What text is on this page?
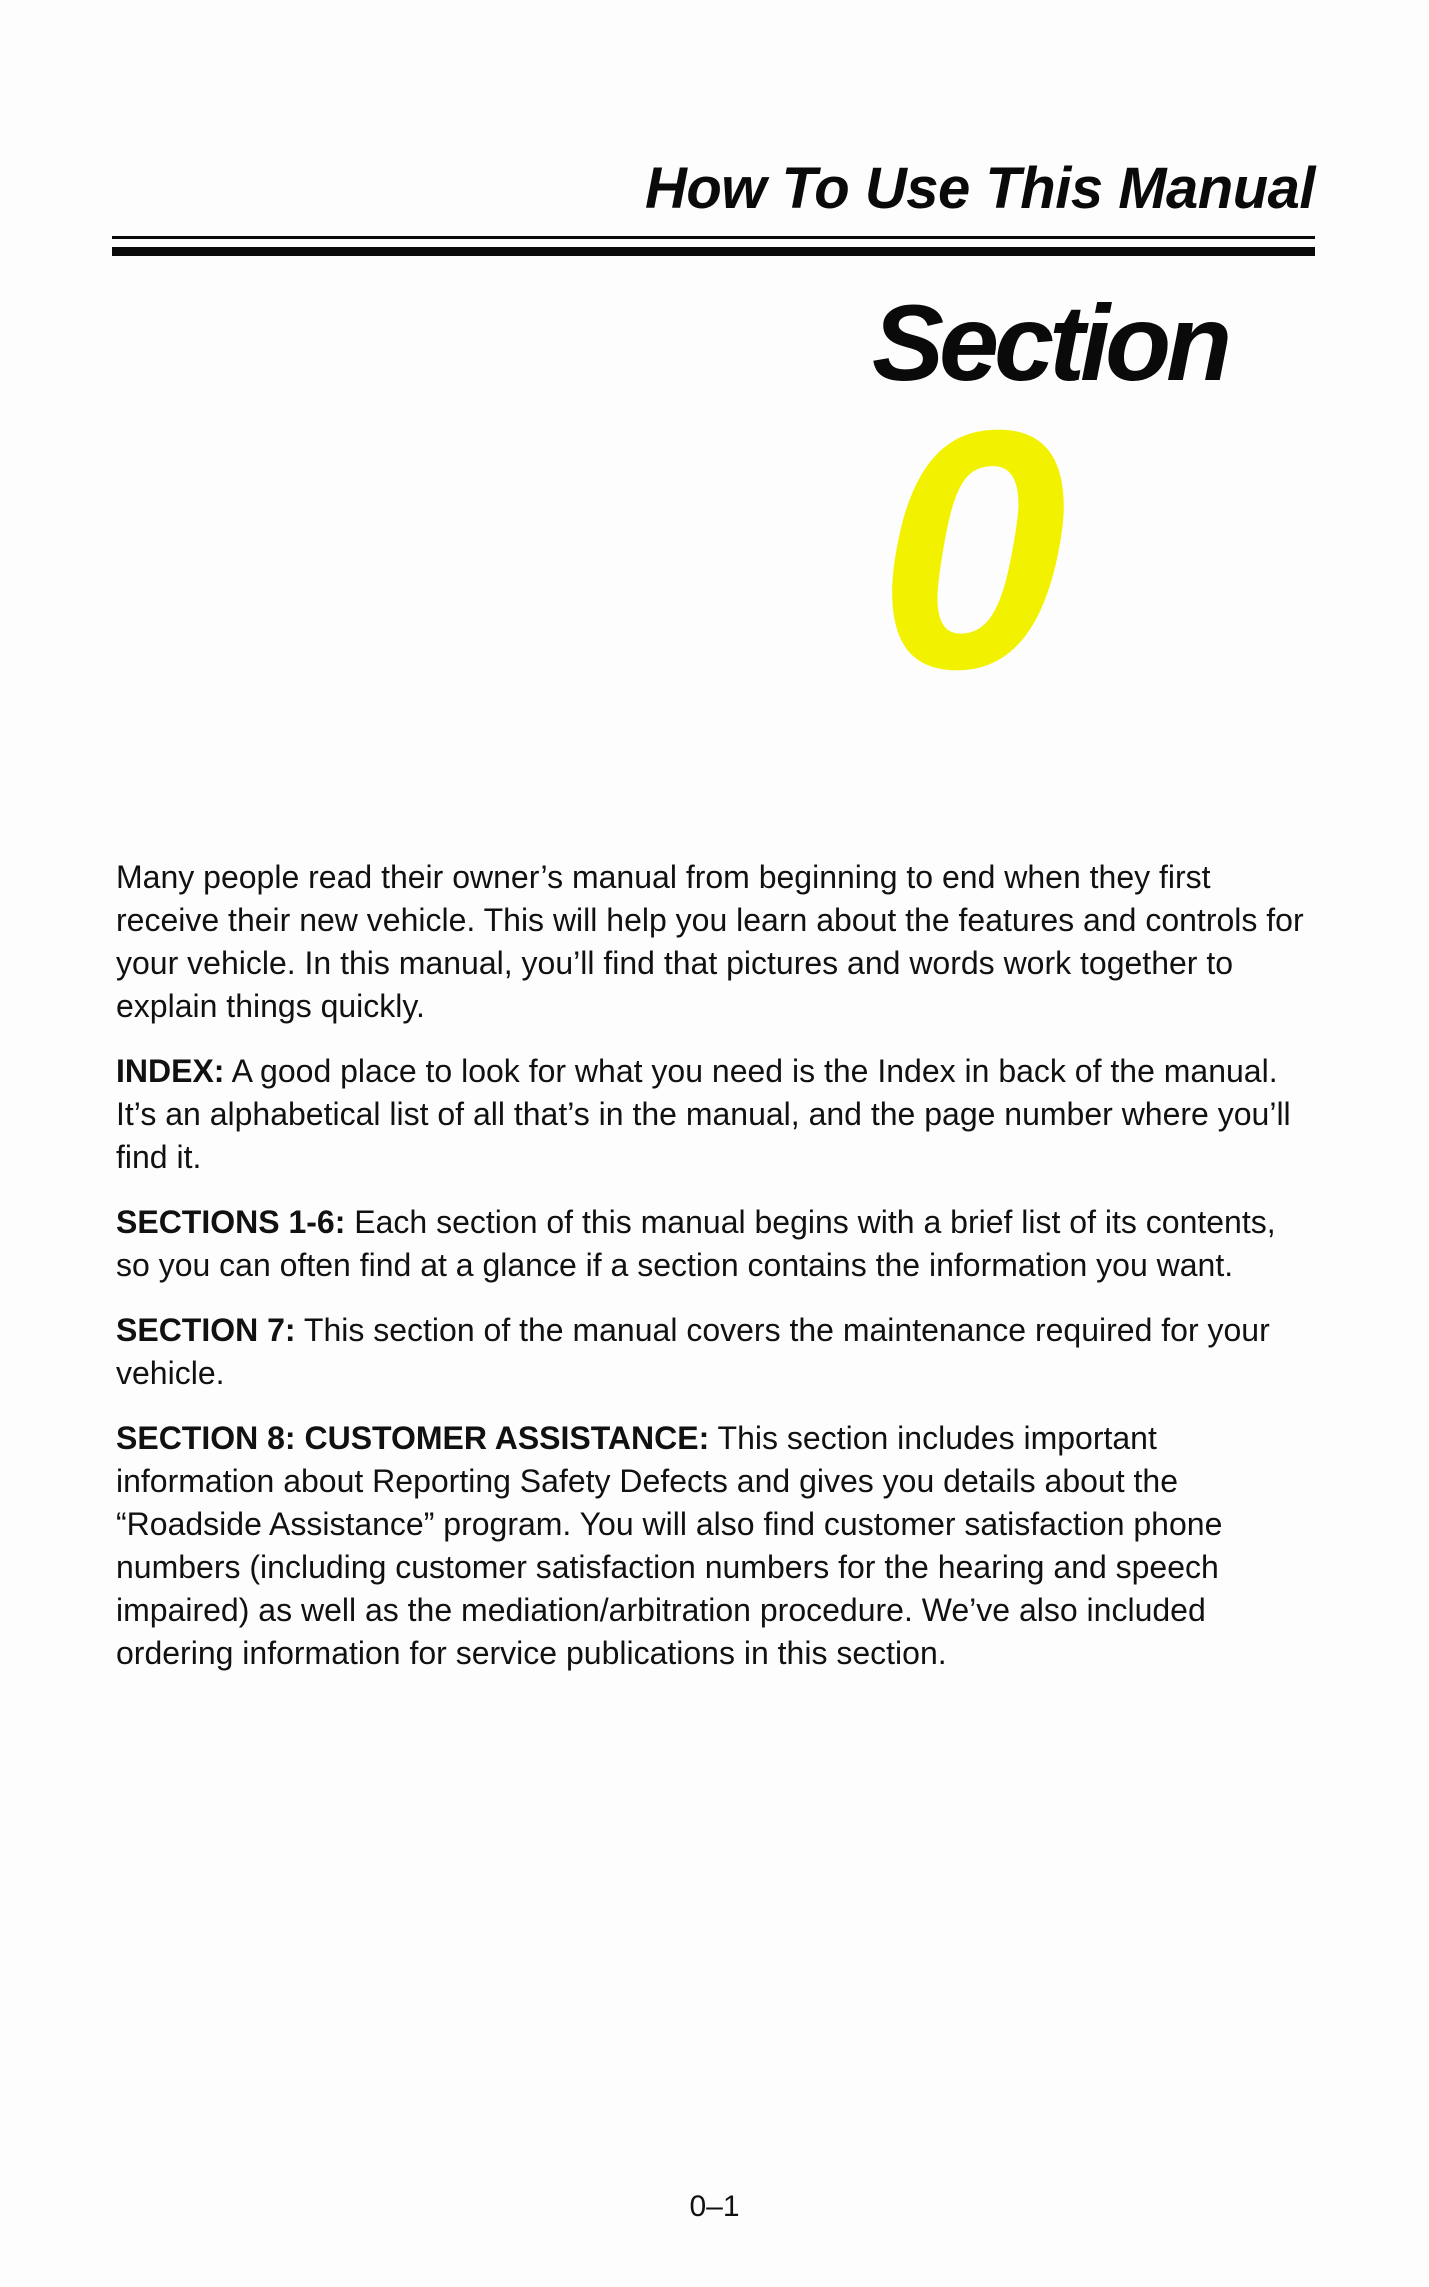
How To Use This Manual
Section
0

Many people read their owner’s manual from beginning to end when they first receive their new vehicle. This will help you learn about the features and controls for your vehicle. In this manual, you’ll find that pictures and words work together to explain things quickly.

INDEX: A good place to look for what you need is the Index in back of the manual. It’s an alphabetical list of all that’s in the manual, and the page number where you’ll find it.

SECTIONS 1-6: Each section of this manual begins with a brief list of its contents, so you can often find at a glance if a section contains the information you want.

SECTION 7: This section of the manual covers the maintenance required for your vehicle.

SECTION 8: CUSTOMER ASSISTANCE: This section includes important information about Reporting Safety Defects and gives you details about the “Roadside Assistance” program. You will also find customer satisfaction phone numbers (including customer satisfaction numbers for the hearing and speech impaired) as well as the mediation/arbitration procedure. We’ve also included ordering information for service publications in this section.

0–1
